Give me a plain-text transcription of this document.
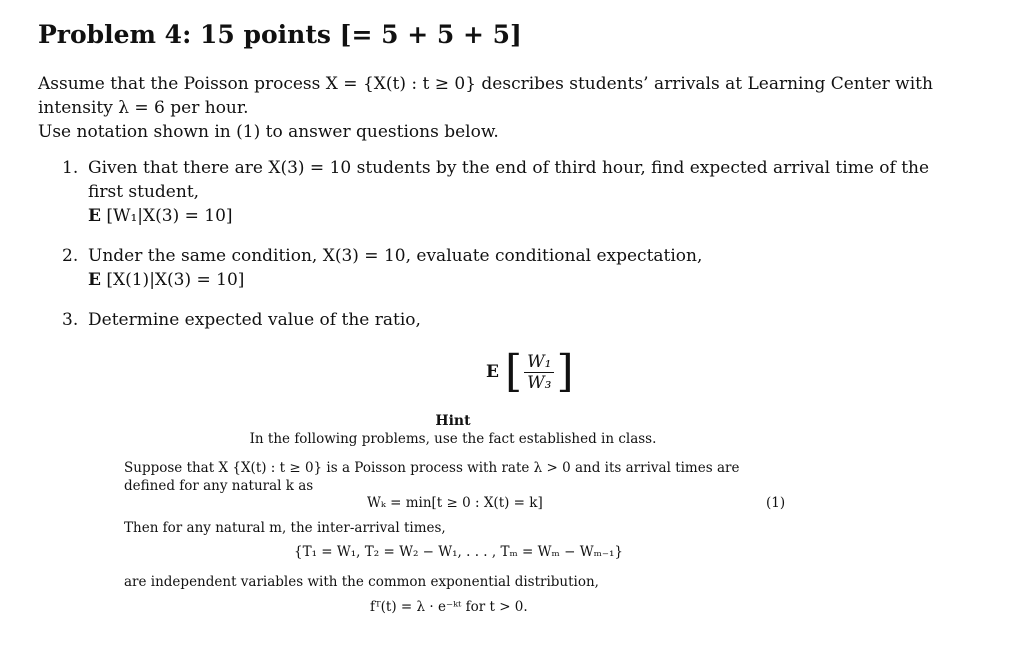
Problem 4: 15 points [= 5 + 5 + 5]
Assume that the Poisson process X = {X(t) : t ≥ 0} describes students’ arrivals at Learning Center with
intensity λ = 6 per hour.
Use notation shown in (1) to answer questions below.
1. Given that there are X(3) = 10 students by the end of third hour, find expected arrival time of the
first student,
E [W₁|X(3) = 10]
2. Under the same condition, X(3) = 10, evaluate conditional expectation,
E [X(1)|X(3) = 10]
3. Determine expected value of the ratio,
E [ $\frac{\text{W₁}}{\text{W₃}}$ ]
Hint
In the following problems, use the fact established in class.
Suppose that X {X(t) : t ≥ 0} is a Poisson process with rate λ > 0 and its arrival times are defined for any natural k as
Wₖ = min[t ≥ 0 : X(t) = k]	(1)
Then for any natural m, the inter-arrival times,
{T₁ = W₁, T₂ = W₂ − W₁, . . . , Tₘ = Wₘ − Wₘ₋₁}
are independent variables with the common exponential distribution,
fᵀ(t) = λ · e⁻ᵏᵗ for t > 0.
